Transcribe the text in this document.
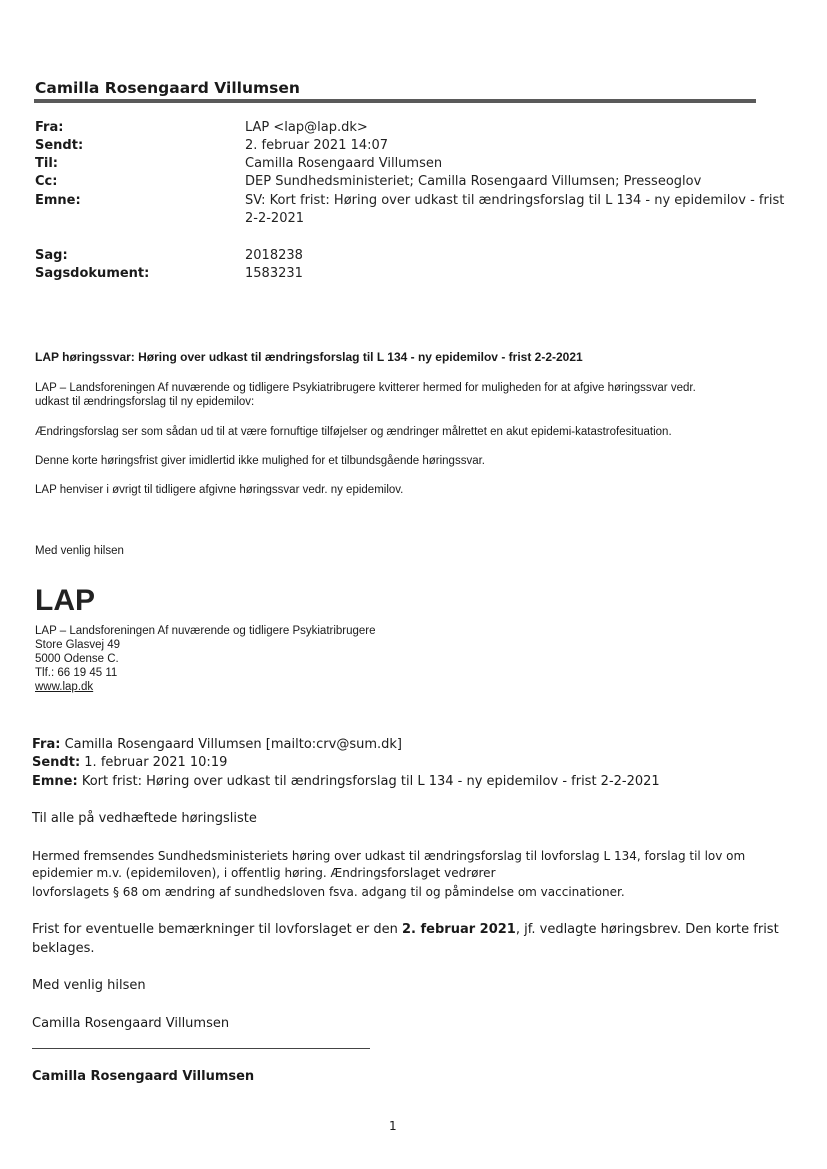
Camilla Rosengaard Villumsen
Fra:	LAP <lap@lap.dk>
Sendt:	2. februar 2021 14:07
Til:	Camilla Rosengaard Villumsen
Cc:	DEP Sundhedsministeriet; Camilla Rosengaard Villumsen; Presseoglov
Emne:	SV: Kort frist: Høring over udkast til ændringsforslag til L 134 - ny epidemilov - frist
2-2-2021
Sag:	2018238
Sagsdokument:	1583231
LAP høringssvar: Høring over udkast til ændringsforslag til L 134 - ny epidemilov - frist 2-2-2021
LAP – Landsforeningen Af nuværende og tidligere Psykiatribrugere kvitterer hermed for muligheden for at afgive høringssvar vedr.
udkast til ændringsforslag til ny epidemilov:
Ændringsforslag ser som sådan ud til at være fornuftige tilføjelser og ændringer målrettet en akut epidemi-katastrofesituation.
Denne korte høringsfrist giver imidlertid ikke mulighed for et tilbundsgående høringssvar.
LAP henviser i øvrigt til tidligere afgivne høringssvar vedr. ny epidemilov.
Med venlig hilsen
LAP
LAP – Landsforeningen Af nuværende og tidligere Psykiatribrugere
Store Glasvej 49
5000 Odense C.
Tlf.: 66 19 45 11
www.lap.dk
Fra: Camilla Rosengaard Villumsen [mailto:crv@sum.dk]
Sendt: 1. februar 2021 10:19
Emne: Kort frist: Høring over udkast til ændringsforslag til L 134 - ny epidemilov - frist 2-2-2021
Til alle på vedhæftede høringsliste
Hermed fremsendes Sundhedsministeriets høring over udkast til ændringsforslag til lovforslag L 134, forslag til lov om
epidemier m.v. (epidemiloven), i offentlig høring. Ændringsforslaget vedrører
lovforslagets § 68 om ændring af sundhedsloven fsva. adgang til og påmindelse om vaccinationer.
Frist for eventuelle bemærkninger til lovforslaget er den 2. februar 2021, jf. vedlagte høringsbrev. Den korte frist
beklages.
Med venlig hilsen
Camilla Rosengaard Villumsen
Camilla Rosengaard Villumsen
1
